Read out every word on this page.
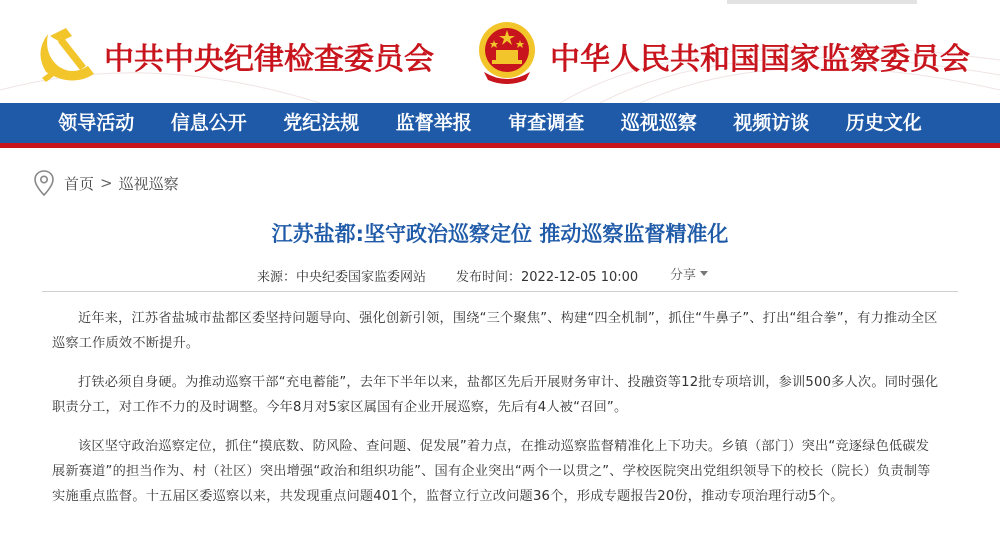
中共中央纪律检查委员会	中华人民共和国国家监察委员会
领导活动	信息公开	党纪法规	监督举报	审查调查	巡视巡察	视频访谈	历史文化
首页 > 巡视巡察
江苏盐都:坚守政治巡察定位 推动巡察监督精准化
来源：中央纪委国家监委网站 发布时间：2022-12-05 10:00 分享

近年来，江苏省盐城市盐都区委坚持问题导向、强化创新引领，围绕“三个聚焦”、构建“四全机制”，抓住“牛鼻子”、打出“组合拳”，有力推动全区巡察工作质效不断提升。

打铁必须自身硬。为推动巡察干部“充电蓄能”，去年下半年以来，盐都区先后开展财务审计、投融资等12批专项培训，参训500多人次。同时强化职责分工，对工作不力的及时调整。今年8月对5家区属国有企业开展巡察，先后有4人被“召回”。

该区坚守政治巡察定位，抓住“摸底数、防风险、查问题、促发展”着力点，在推动巡察监督精准化上下功夫。乡镇（部门）突出“竞逐绿色低碳发展新赛道”的担当作为、村（社区）突出增强“政治和组织功能”、国有企业突出“两个一以贯之”、学校医院突出党组织领导下的校长（院长）负责制等实施重点监督。十五届区委巡察以来，共发现重点问题401个，监督立行立改问题36个，形成专题报告20份，推动专项治理行动5个。
